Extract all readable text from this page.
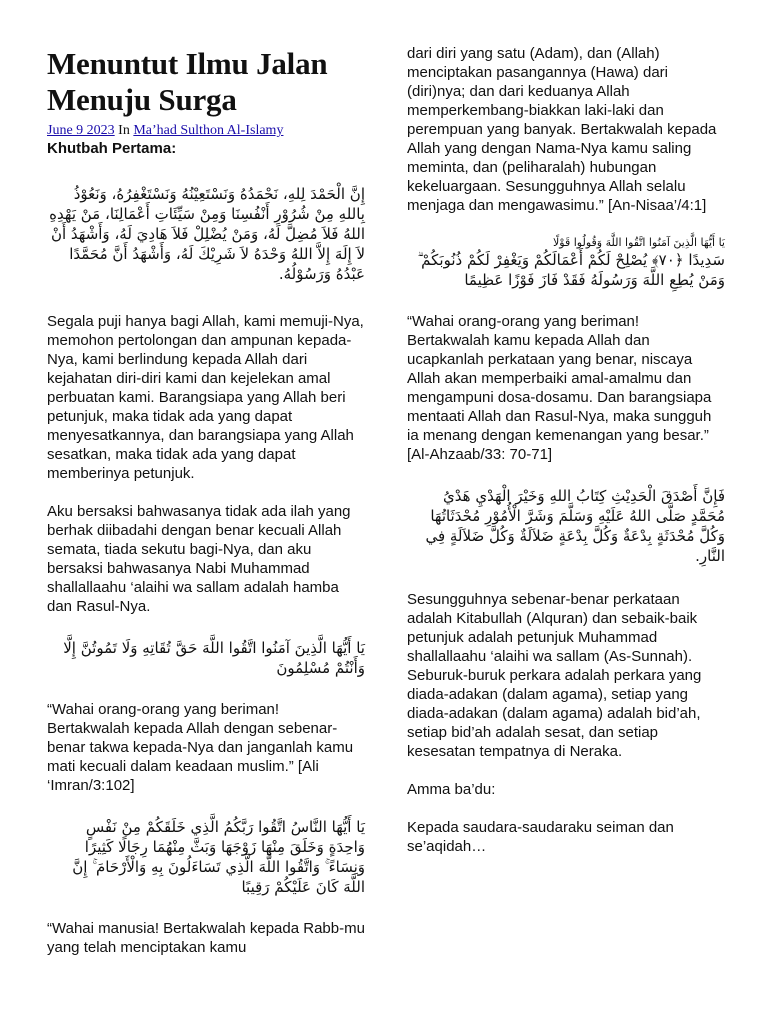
Menuntut Ilmu Jalan Menuju Surga
June 9 2023 In Ma’had Sulthon Al-Islamy
Khutbah Pertama:

إِنَّ الْحَمْدَ لِلهِ، نَحْمَدُهُ وَنَسْتَعِيْنُهُ وَنَسْتَغْفِرُهُ، وَنَعُوْذُ بِاللهِ مِنْ شُرُوْرِ أَنْفُسِنَا وَمِنْ سَيِّئَاتِ أَعْمَالِنَا، مَنْ يَهْدِهِ اللهُ فَلاَ مُضِلَّ لَهُ، وَمَنْ يُضْلِلْ فَلاَ هَادِيَ لَهُ، وَأَشْهَدُ أَنْ لاَ إِلَهَ إِلاَّ اللهُ وَحْدَهُ لاَ شَرِيْكَ لَهُ، وَأَشْهَدُ أَنَّ مُحَمَّدًا عَبْدُهُ وَرَسُوْلُهُ.

Segala puji hanya bagi Allah, kami memuji-Nya, memohon pertolongan dan ampunan kepada-Nya, kami berlindung kepada Allah dari kejahatan diri-diri kami dan kejelekan amal perbuatan kami. Barangsiapa yang Allah beri petunjuk, maka tidak ada yang dapat menyesatkannya, dan barangsiapa yang Allah sesatkan, maka tidak ada yang dapat memberinya petunjuk.

Aku bersaksi bahwasanya tidak ada ilah yang berhak diibadahi dengan benar kecuali Allah semata, tiada sekutu bagi-Nya, dan aku bersaksi bahwasanya Nabi Muhammad shallallaahu ‘alaihi wa sallam adalah hamba dan Rasul-Nya.

يَا أَيُّهَا الَّذِينَ آمَنُوا اتَّقُوا اللَّهَ حَقَّ تُقَاتِهِ وَلَا تَمُوتُنَّ إِلَّا وَأَنْتُمْ مُسْلِمُونَ

“Wahai orang-orang yang beriman! Bertakwalah kepada Allah dengan sebenar-benar takwa kepada-Nya dan janganlah kamu mati kecuali dalam keadaan muslim.” [Ali ‘Imran/3:102]

يَا أَيُّهَا النَّاسُ اتَّقُوا رَبَّكُمُ الَّذِي خَلَقَكُمْ مِنْ نَفْسٍ وَاحِدَةٍ وَخَلَقَ مِنْهَا زَوْجَهَا وَبَثَّ مِنْهُمَا رِجَالًا كَثِيرًا وَنِسَاءً ۚ وَاتَّقُوا اللَّهَ الَّذِي تَسَاءَلُونَ بِهِ وَالْأَرْحَامَ ۚ إِنَّ اللَّهَ كَانَ عَلَيْكُمْ رَقِيبًا

“Wahai manusia! Bertakwalah kepada Rabb-mu yang telah menciptakan kamu

dari diri yang satu (Adam), dan (Allah) menciptakan pasangannya (Hawa) dari (diri)nya; dan dari keduanya Allah memperkembang-biakkan laki-laki dan perempuan yang banyak. Bertakwalah kepada Allah yang dengan Nama-Nya kamu saling meminta, dan (peliharalah) hubungan kekeluargaan. Sesungguhnya Allah selalu menjaga dan mengawasimu.” [An-Nisaa’/4:1]

يَا أَيُّهَا الَّذِينَ آمَنُوا اتَّقُوا اللَّهَ وَقُولُوا قَوْلًا

سَدِيدًا ﴿٧٠﴾ يُصْلِحْ لَكُمْ أَعْمَالَكُمْ وَيَغْفِرْ لَكُمْ ذُنُوبَكُمْ ۗ وَمَنْ يُطِعِ اللَّهَ وَرَسُولَهُ فَقَدْ فَازَ فَوْزًا عَظِيمًا

“Wahai orang-orang yang beriman! Bertakwalah kamu kepada Allah dan ucapkanlah perkataan yang benar, niscaya Allah akan memperbaiki amal-amalmu dan mengampuni dosa-dosamu. Dan barangsiapa mentaati Allah dan Rasul-Nya, maka sungguh ia menang dengan kemenangan yang besar.” [Al-Ahzaab/33: 70-71]

فَإِنَّ أَصْدَقَ الْحَدِيْثِ كِتَابُ اللهِ وَخَيْرَ الْهَدْيِ هَدْيُ مُحَمَّدٍ صَلَّى اللهُ عَلَيْهِ وَسَلَّمَ وَشَرَّ الْأُمُوْرِ مُحْدَثَاتُهَا وَكُلَّ مُحْدَثَةٍ بِدْعَةٌ وَكُلَّ بِدْعَةٍ ضَلاَلَةٌ وَكُلَّ ضَلاَلَةٍ فِي النَّارِ.

Sesungguhnya sebenar-benar perkataan adalah Kitabullah (Alquran) dan sebaik-baik petunjuk adalah petunjuk Muhammad shallallaahu ‘alaihi wa sallam (As-Sunnah). Seburuk-buruk perkara adalah perkara yang diada-adakan (dalam agama), setiap yang diada-adakan (dalam agama) adalah bid’ah, setiap bid’ah adalah sesat, dan setiap kesesatan tempatnya di Neraka.

Amma ba’du:

Kepada saudara-saudaraku seiman dan se’aqidah…
